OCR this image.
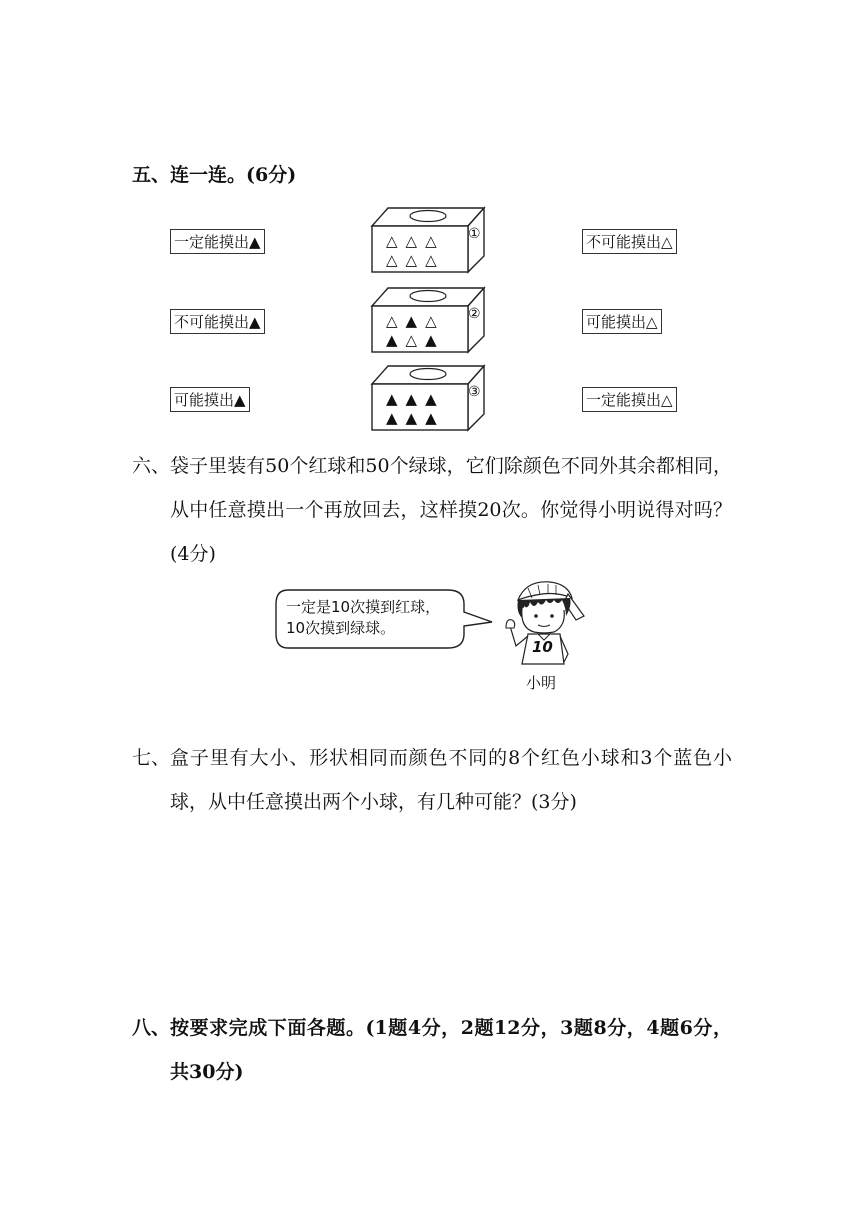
五、连一连。(6分)
一定能摸出▲
不可能摸出▲
可能摸出▲
不可能摸出△
可能摸出△
一定能摸出△
①
△△△
△△△
②
△▲△
▲△▲
③
▲▲▲
▲▲▲
六、 袋子里装有50个红球和50个绿球，它们除颜色不同外其余都相同，从中任意摸出一个再放回去，这样摸20次。你觉得小明说得对吗？(4分)
一定是10次摸到红球，
10次摸到绿球。
10
小明
七、 盒子里有大小、形状相同而颜色不同的8个红色小球和3个蓝色小球，从中任意摸出两个小球，有几种可能？(3分)
八、 按要求完成下面各题。(1题4分，2题12分，3题8分，4题6分，共30分)
